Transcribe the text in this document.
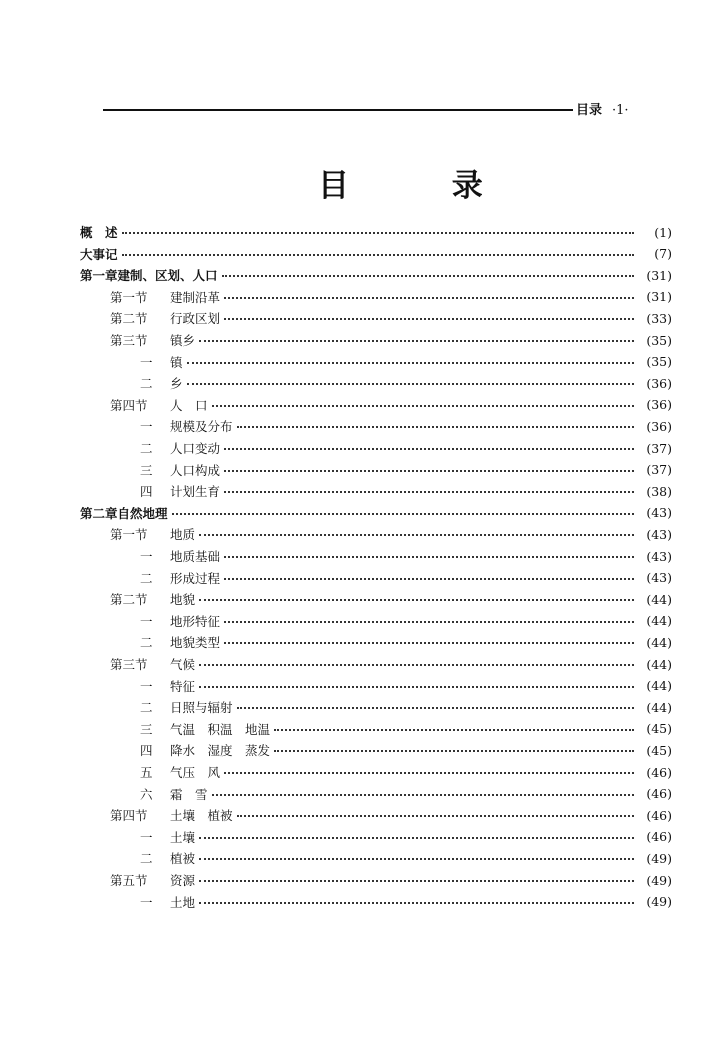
目录 ·1·
目 录
概　述	(1)
大事记	(7)
第一章 建制、区划、人口	(31)
第一节	建制沿革	(31)
第二节	行政区划	(33)
第三节	镇乡	(35)
一	镇	(35)
二	乡	(36)
第四节	人　口	(36)
一	规模及分布	(36)
二	人口变动	(37)
三	人口构成	(37)
四	计划生育	(38)
第二章 自然地理	(43)
第一节	地质	(43)
一	地质基础	(43)
二	形成过程	(43)
第二节	地貌	(44)
一	地形特征	(44)
二	地貌类型	(44)
第三节	气候	(44)
一	特征	(44)
二	日照与辐射	(44)
三	气温　积温　地温	(45)
四	降水　湿度　蒸发	(45)
五	气压　风	(46)
六	霜　雪	(46)
第四节	土壤　植被	(46)
一	土壤	(46)
二	植被	(49)
第五节	资源	(49)
一	土地	(49)
